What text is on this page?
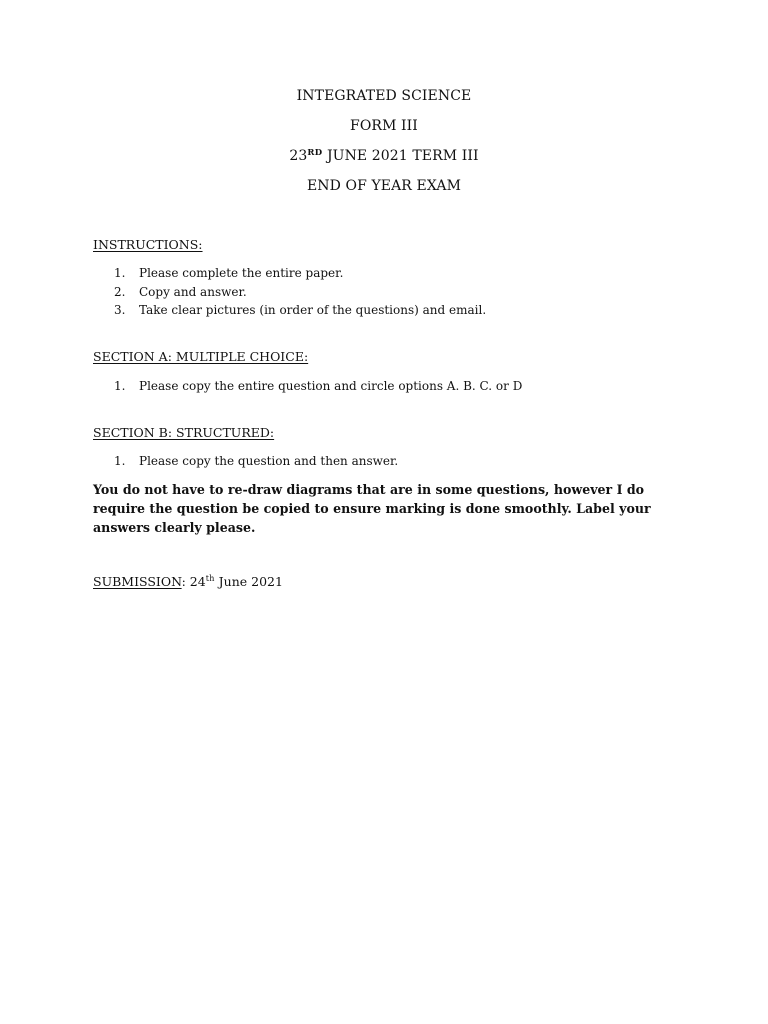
INTEGRATED SCIENCE
FORM III
23RD JUNE 2021 TERM III
END OF YEAR EXAM
INSTRUCTIONS:
1. Please complete the entire paper.
2. Copy and answer.
3. Take clear pictures (in order of the questions) and email.
SECTION A: MULTIPLE CHOICE:
1. Please copy the entire question and circle options A. B. C. or D
SECTION B: STRUCTURED:
1. Please copy the question and then answer.
You do not have to re-draw diagrams that are in some questions, however I do require the question be copied to ensure marking is done smoothly. Label your answers clearly please.
SUBMISSION: 24th June 2021
